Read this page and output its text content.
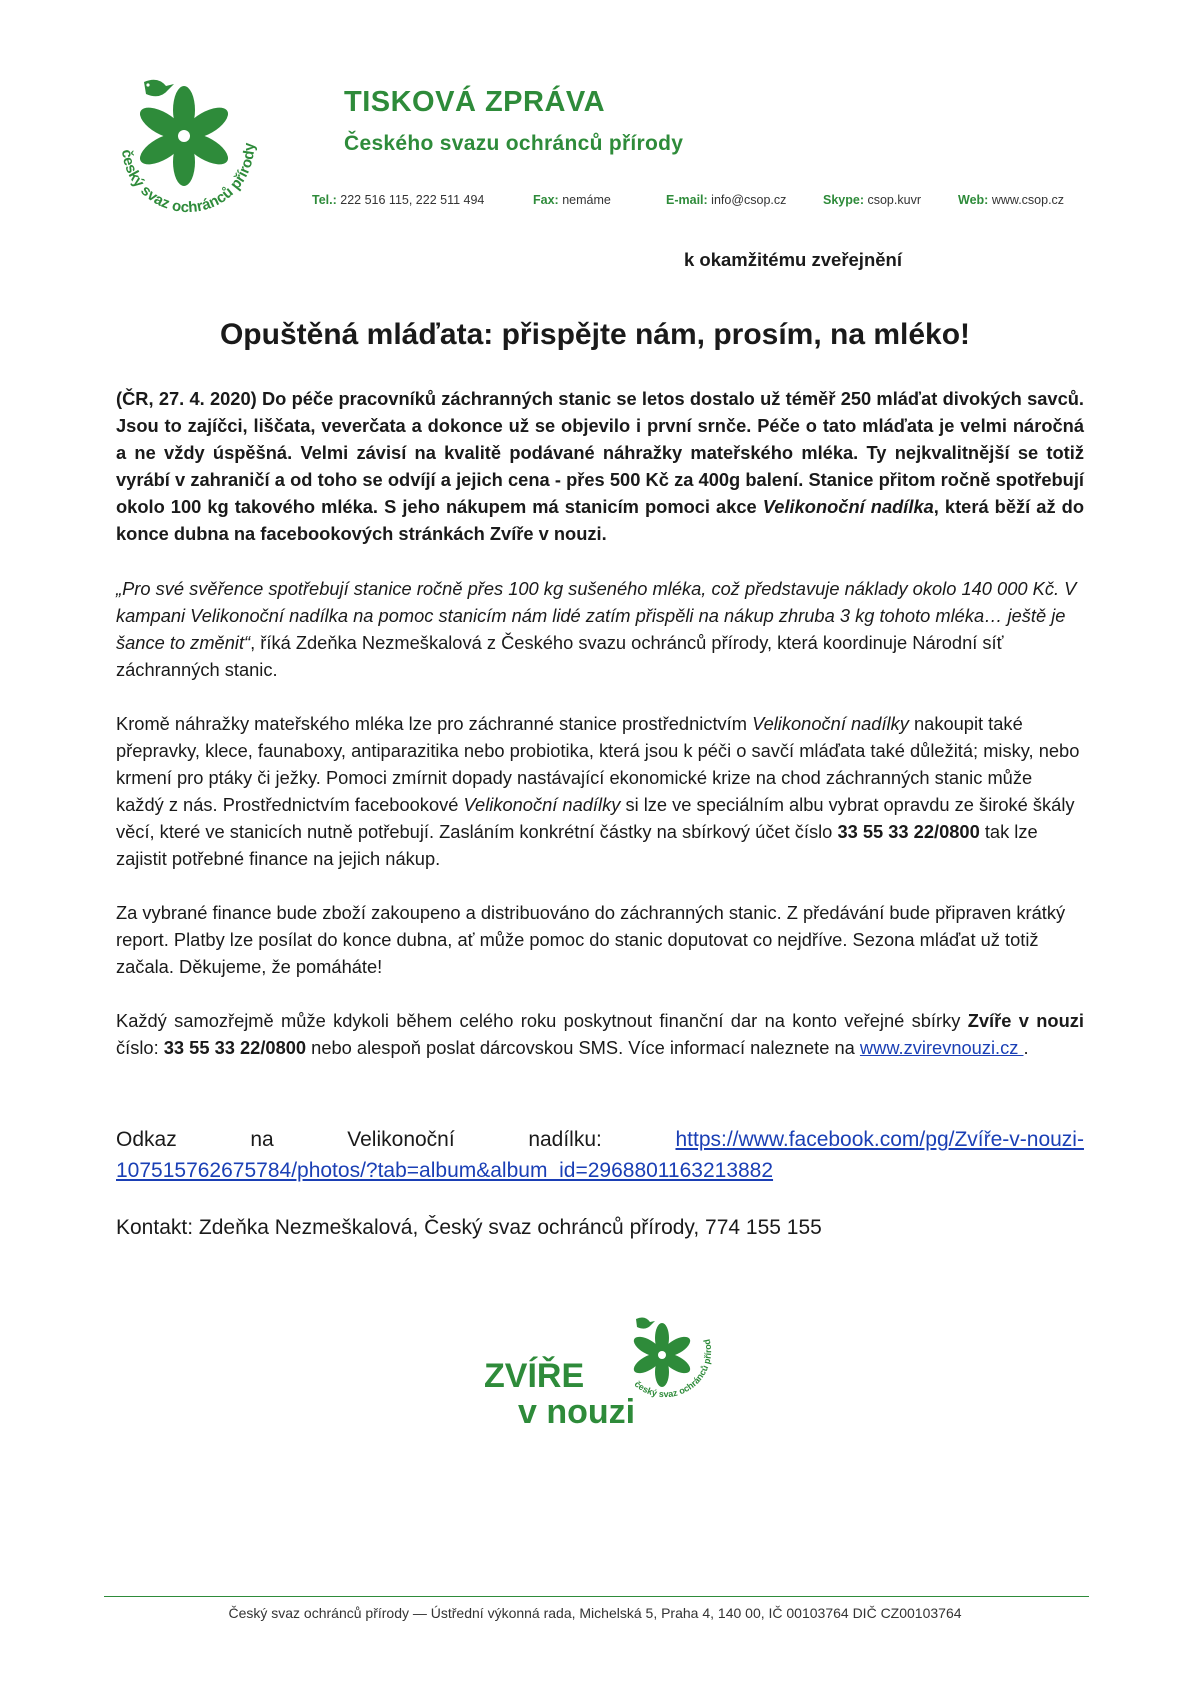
český svaz ochránců přírody
TISKOVÁ ZPRÁVA
Českého svazu ochránců přírody
Tel.: 222 516 115, 222 511 494	Fax: nemáme	E-mail: info@csop.cz	Skype: csop.kuvr	Web: www.csop.cz
k okamžitému zveřejnění
Opuštěná mláďata: přispějte nám, prosím, na mléko!
(ČR, 27. 4. 2020) Do péče pracovníků záchranných stanic se letos dostalo už téměř 250 mláďat divokých savců. Jsou to zajíčci, liščata, veverčata a dokonce už se objevilo i první srnče. Péče o tato mláďata je velmi náročná a ne vždy úspěšná. Velmi závisí na kvalitě podávané náhražky mateřského mléka. Ty nejkvalitnější se totiž vyrábí v zahraničí a od toho se odvíjí a jejich cena - přes 500 Kč za 400g balení. Stanice přitom ročně spotřebují okolo 100 kg takového mléka. S jeho nákupem má stanicím pomoci akce Velikonoční nadílka, která běží až do konce dubna na facebookových stránkách Zvíře v nouzi.
„Pro své svěřence spotřebují stanice ročně přes 100 kg sušeného mléka, což představuje náklady okolo 140 000 Kč. V kampani Velikonoční nadílka na pomoc stanicím nám lidé zatím přispěli na nákup zhruba 3 kg tohoto mléka… ještě je šance to změnit“, říká Zdeňka Nezmeškalová z Českého svazu ochránců přírody, která koordinuje Národní síť záchranných stanic.
Kromě náhražky mateřského mléka lze pro záchranné stanice prostřednictvím Velikonoční nadílky nakoupit také přepravky, klece, faunaboxy, antiparazitika nebo probiotika, která jsou k péči o savčí mláďata také důležitá; misky, nebo krmení pro ptáky či ježky. Pomoci zmírnit dopady nastávající ekonomické krize na chod záchranných stanic může každý z nás. Prostřednictvím facebookové Velikonoční nadílky si lze ve speciálním albu vybrat opravdu ze široké škály věcí, které ve stanicích nutně potřebují. Zasláním konkrétní částky na sbírkový účet číslo 33 55 33 22/0800 tak lze zajistit potřebné finance na jejich nákup.
Za vybrané finance bude zboží zakoupeno a distribuováno do záchranných stanic. Z předávání bude připraven krátký report. Platby lze posílat do konce dubna, ať může pomoc do stanic doputovat co nejdříve. Sezona mláďat už totiž začala. Děkujeme, že pomáháte!
Každý samozřejmě může kdykoli během celého roku poskytnout finanční dar na konto veřejné sbírky Zvíře v nouzi číslo: 33 55 33 22/0800 nebo alespoň poslat dárcovskou SMS. Více informací naleznete na www.zvirevnouzi.cz .
Odkaz	na	Velikonoční	nadílku:	https://www.facebook.com/pg/Zvíře-v-nouzi-
107515762675784/photos/?tab=album&album_id=2968801163213882
Kontakt: Zdeňka Nezmeškalová, Český svaz ochránců přírody, 774 155 155
ZVÍŘE
v nouzi
český svaz ochránců přírod
Český svaz ochránců přírody — Ústřední výkonná rada, Michelská 5, Praha 4, 140 00, IČ 00103764 DIČ CZ00103764
